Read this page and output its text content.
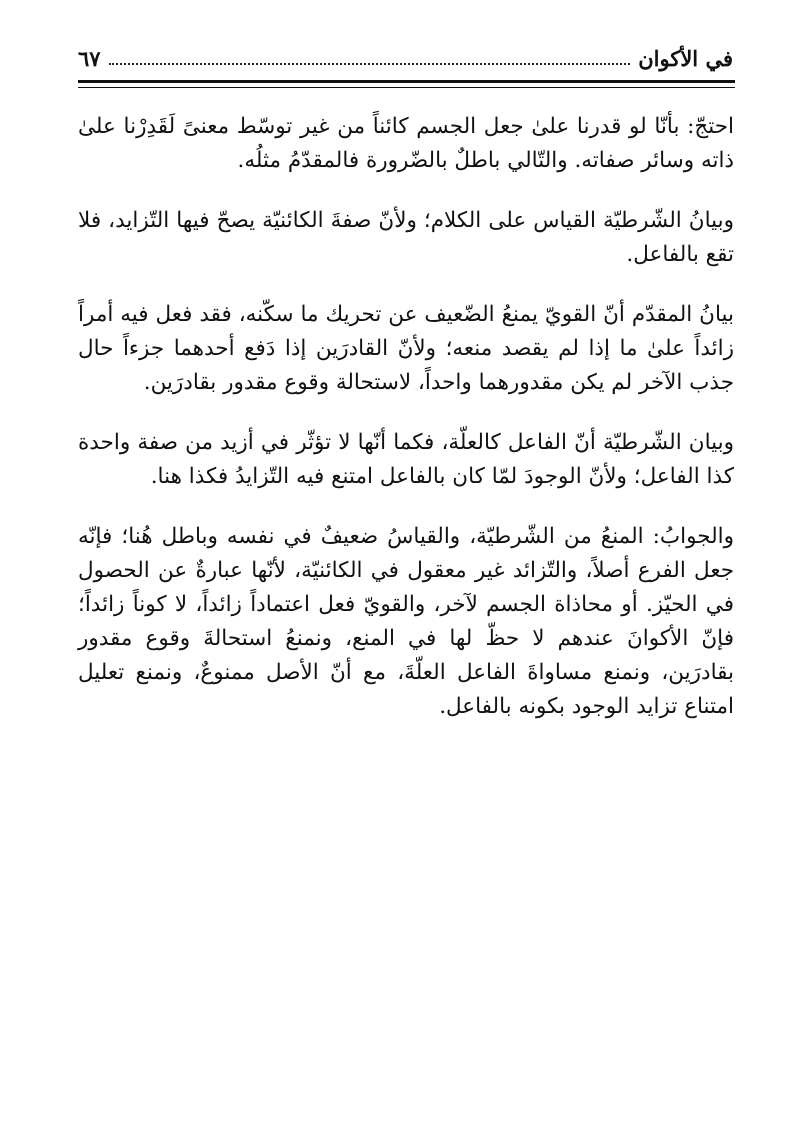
في الأكوان
٦٧

احتجّ: بأنّا لو قدرنا علىٰ جعل الجسم كائناً من غير توسّط معنىً لَقَدِرْنا علىٰ ذاته وسائر صفاته. والتّالي باطلٌ بالضّرورة فالمقدّمُ مثلُه.

وبيانُ الشّرطيّة القياس على الكلام؛ ولأنّ صفةَ الكائنيّة يصحّ فيها التّزايد، فلا تقع بالفاعل.

بيانُ المقدّم أنّ القويّ يمنعُ الضّعيف عن تحريك ما سكّنه، فقد فعل فيه أمراً زائداً علىٰ ما إذا لم يقصد منعه؛ ولأنّ القادرَين إذا دَفع أحدهما جزءاً حال جذب الآخر لم يكن مقدورهما واحداً، لاستحالة وقوع مقدور بقادرَين.

وبيان الشّرطيّة أنّ الفاعل كالعلّة، فكما أنّها لا تؤثّر في أزيد من صفة واحدة كذا الفاعل؛ ولأنّ الوجودَ لمّا كان بالفاعل امتنع فيه التّزايدُ فكذا هنا.

والجوابُ: المنعُ من الشّرطيّة، والقياسُ ضعيفٌ في نفسه وباطل هُنا؛ فإنّه جعل الفرع أصلاً، والتّزائد غير معقول في الكائنيّة، لأنّها عبارةٌ عن الحصول في الحيّز. أو محاذاة الجسم لآخر، والقويّ فعل اعتماداً زائداً، لا كوناً زائداً؛ فإنّ الأكوانَ عندهم لا حظّ لها في المنع، ونمنعُ استحالةَ وقوع مقدور بقادرَين، ونمنع مساواةَ الفاعل العلّةَ، مع أنّ الأصل ممنوعٌ، ونمنع تعليل امتناع تزايد الوجود بكونه بالفاعل.
